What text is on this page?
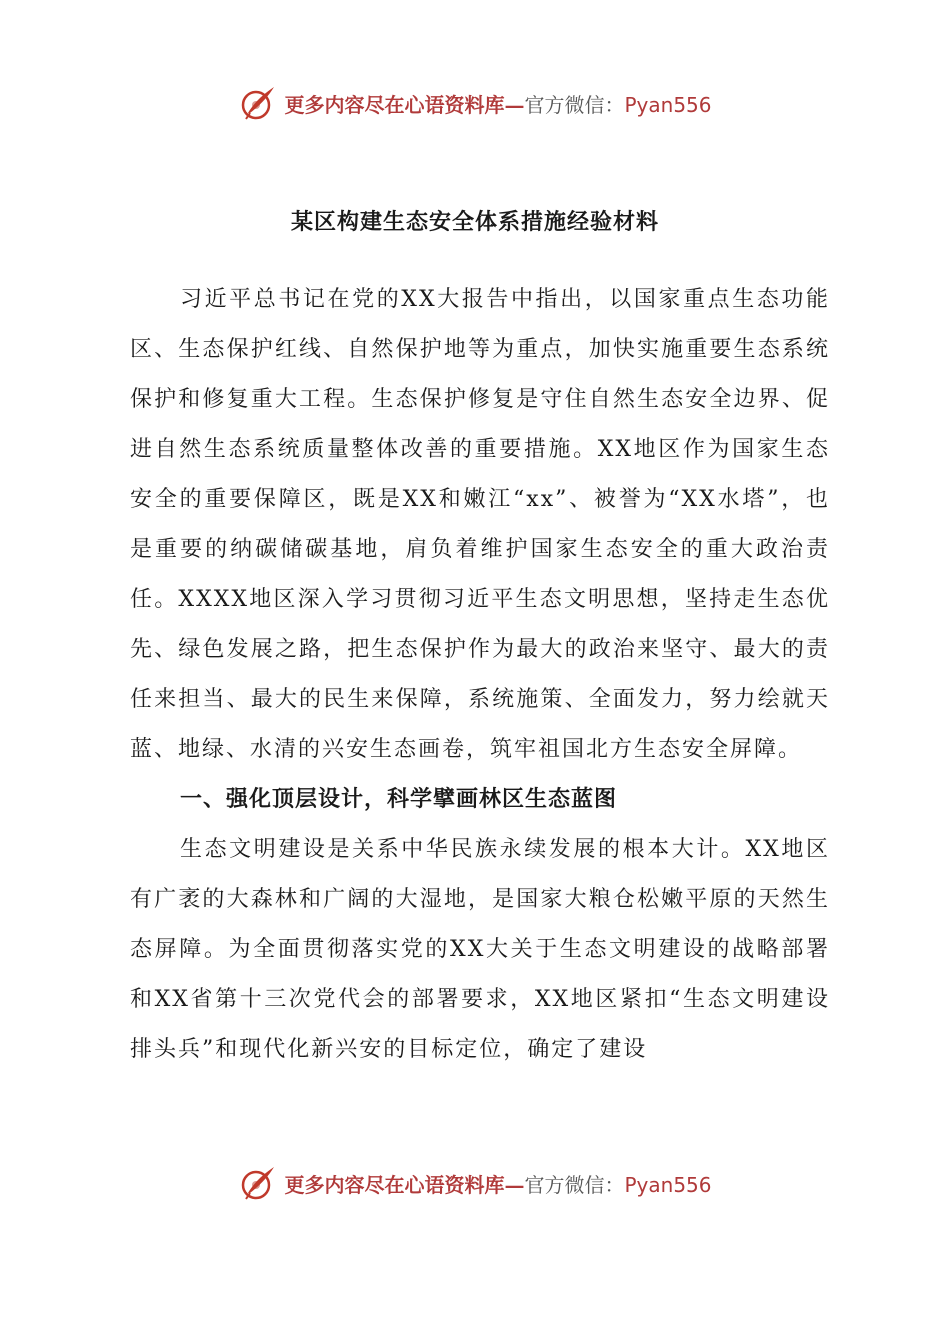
更多内容尽在心语资料库—官方微信：Pyan556
某区构建生态安全体系措施经验材料

习近平总书记在党的XX大报告中指出，以国家重点生态功能区、生态保护红线、自然保护地等为重点，加快实施重要生态系统保护和修复重大工程。生态保护修复是守住自然生态安全边界、促进自然生态系统质量整体改善的重要措施。XX地区作为国家生态安全的重要保障区，既是XX和嫩江“xx”、被誉为“XX水塔”，也是重要的纳碳储碳基地，肩负着维护国家生态安全的重大政治责任。XXXX地区深入学习贯彻习近平生态文明思想，坚持走生态优先、绿色发展之路，把生态保护作为最大的政治来坚守、最大的责任来担当、最大的民生来保障，系统施策、全面发力，努力绘就天蓝、地绿、水清的兴安生态画卷，筑牢祖国北方生态安全屏障。

一、强化顶层设计，科学擘画林区生态蓝图

生态文明建设是关系中华民族永续发展的根本大计。XX地区有广袤的大森林和广阔的大湿地，是国家大粮仓松嫩平原的天然生态屏障。为全面贯彻落实党的XX大关于生态文明建设的战略部署和XX省第十三次党代会的部署要求，XX地区紧扣“生态文明建设排头兵”和现代化新兴安的目标定位，确定了建设

更多内容尽在心语资料库—官方微信：Pyan556
